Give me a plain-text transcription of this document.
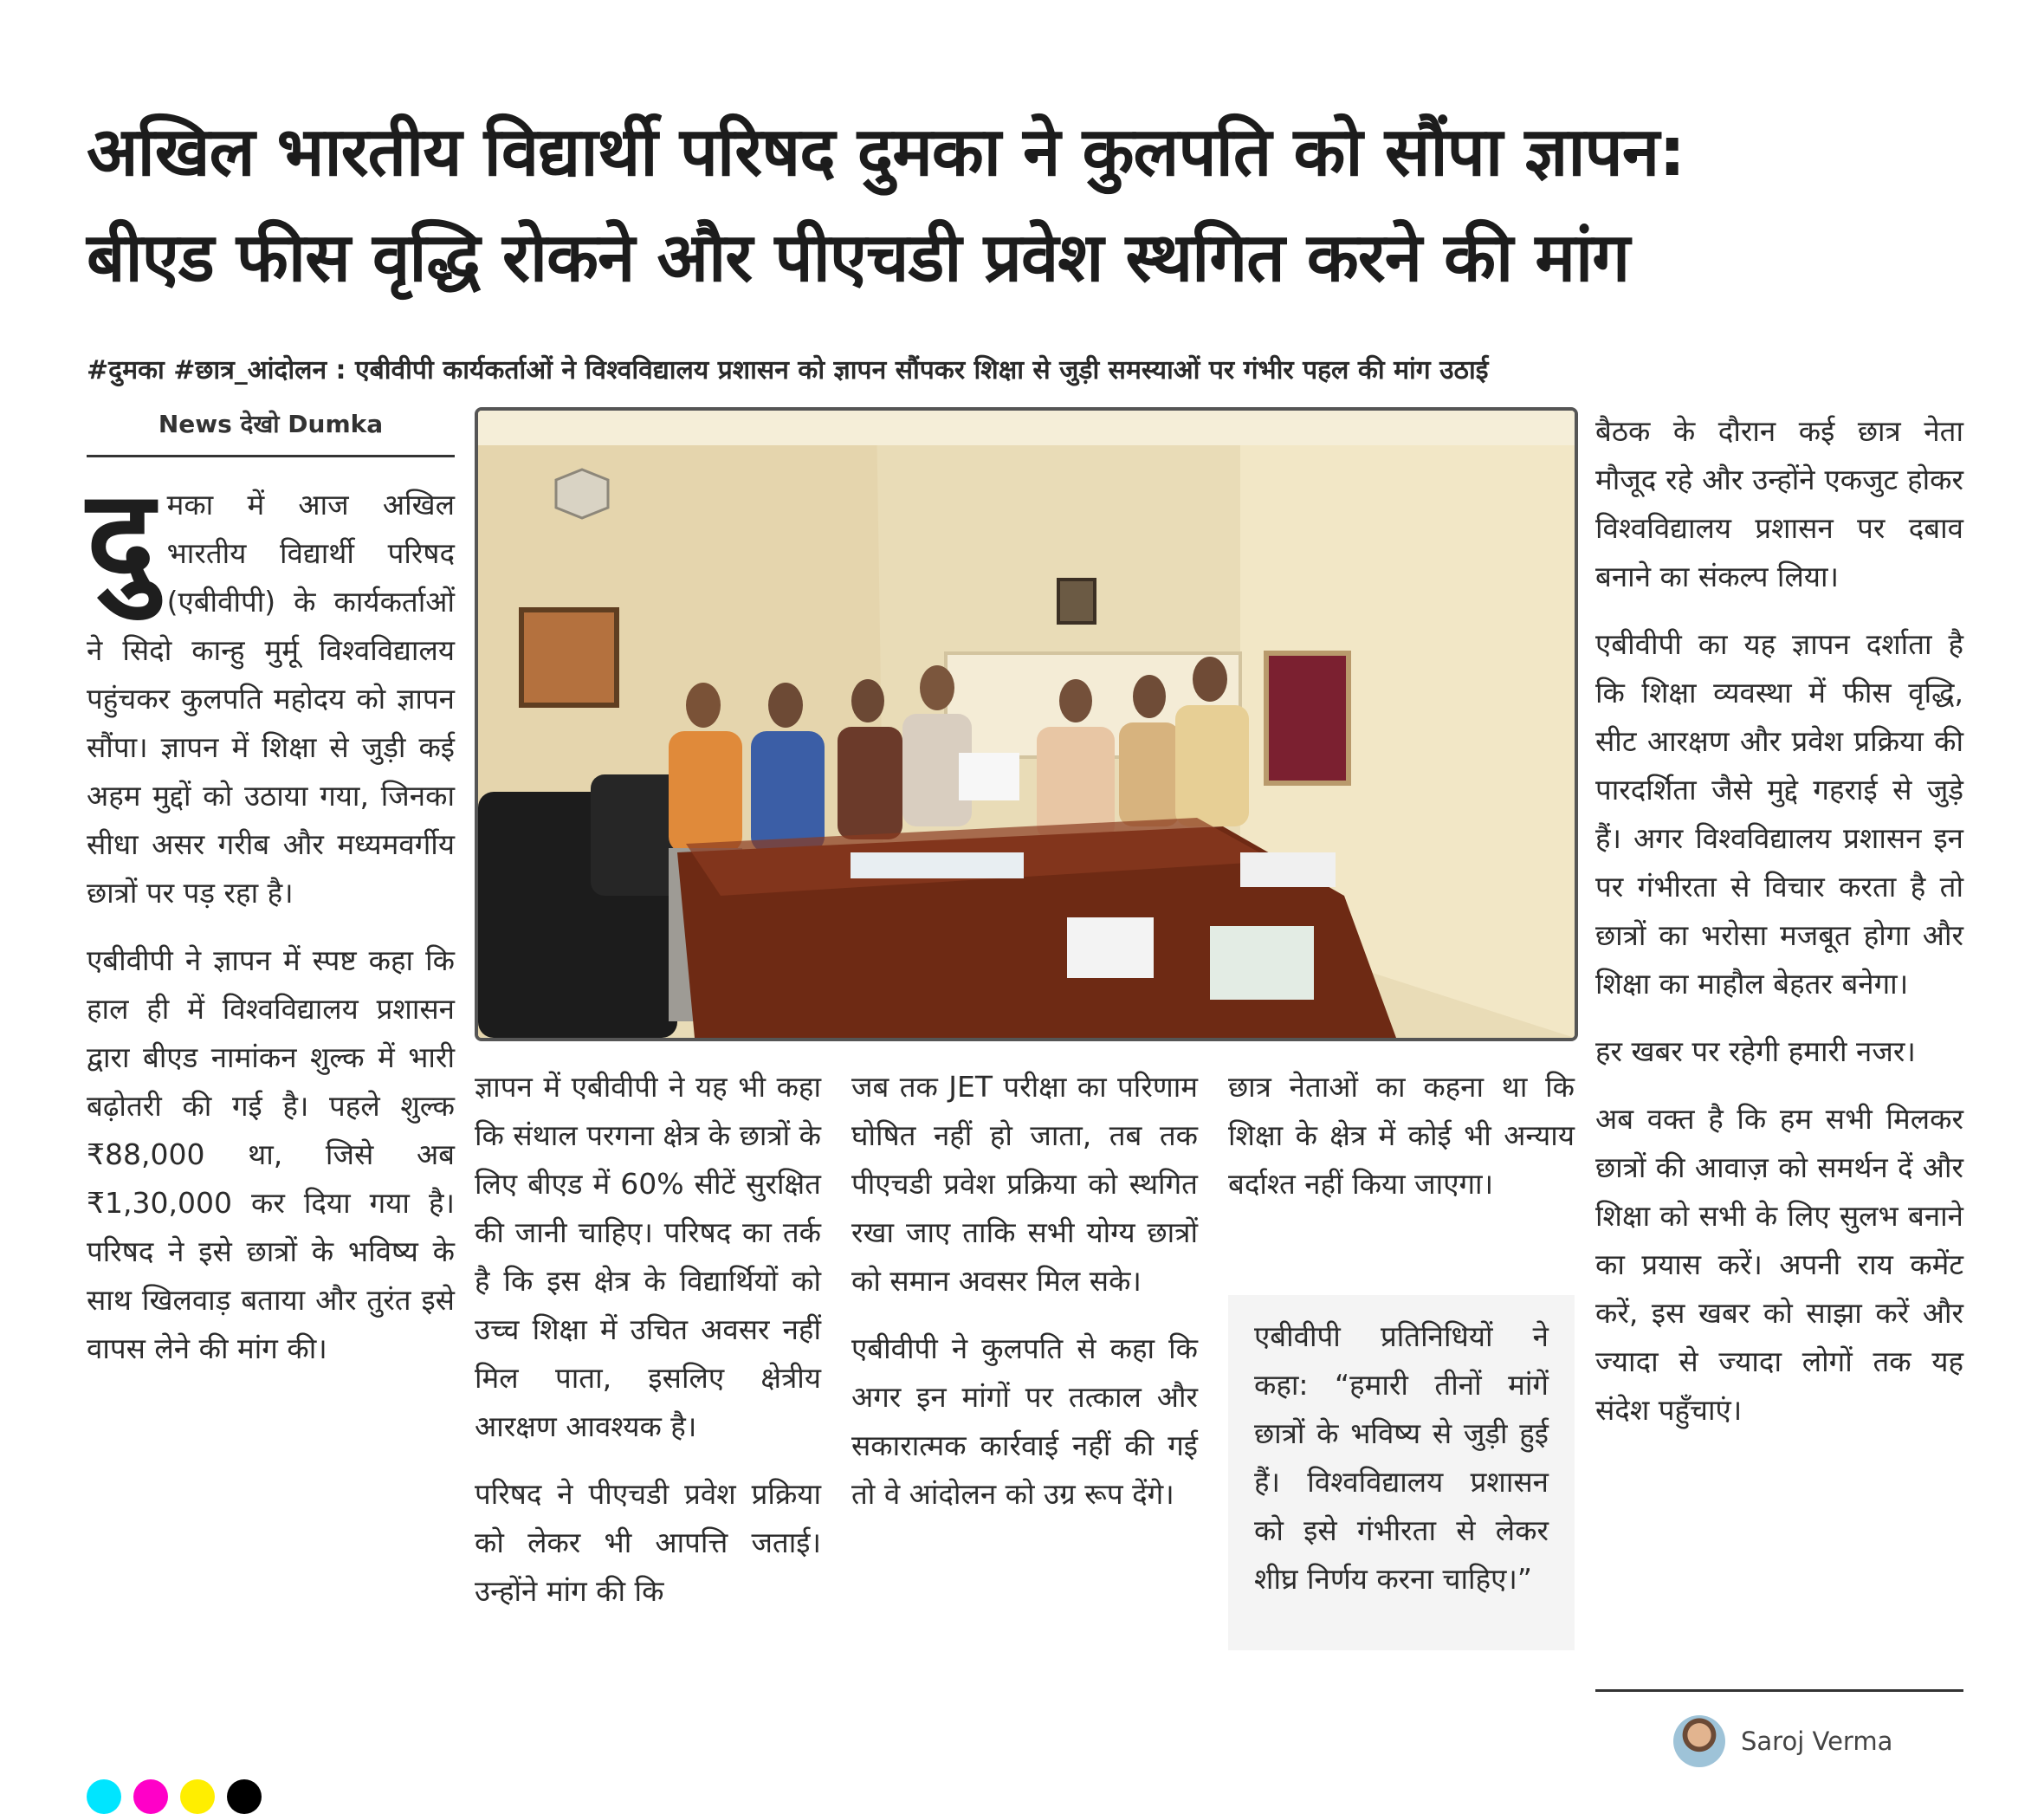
अखिल भारतीय विद्यार्थी परिषद दुमका ने कुलपति को सौंपा ज्ञापन:
बीएड फीस वृद्धि रोकने और पीएचडी प्रवेश स्थगित करने की मांग

#दुमका #छात्र_आंदोलन : एबीवीपी कार्यकर्ताओं ने विश्वविद्यालय प्रशासन को ज्ञापन सौंपकर शिक्षा से जुड़ी समस्याओं पर गंभीर पहल की मांग उठाई

News देखो Dumka

दुमका में आज अखिल भारतीय विद्यार्थी परिषद (एबीवीपी) के कार्यकर्ताओं ने सिदो कान्हु मुर्मू विश्वविद्यालय पहुंचकर कुलपति महोदय को ज्ञापन सौंपा। ज्ञापन में शिक्षा से जुड़ी कई अहम मुद्दों को उठाया गया, जिनका सीधा असर गरीब और मध्यमवर्गीय छात्रों पर पड़ रहा है।

एबीवीपी ने ज्ञापन में स्पष्ट कहा कि हाल ही में विश्वविद्यालय प्रशासन द्वारा बीएड नामांकन शुल्क में भारी बढ़ोतरी की गई है। पहले शुल्क ₹88,000 था, जिसे अब ₹1,30,000 कर दिया गया है। परिषद ने इसे छात्रों के भविष्य के साथ खिलवाड़ बताया और तुरंत इसे वापस लेने की मांग की।

ज्ञापन में एबीवीपी ने यह भी कहा कि संथाल परगना क्षेत्र के छात्रों के लिए बीएड में 60% सीटें सुरक्षित की जानी चाहिए। परिषद का तर्क है कि इस क्षेत्र के विद्यार्थियों को उच्च शिक्षा में उचित अवसर नहीं मिल पाता, इसलिए क्षेत्रीय आरक्षण आवश्यक है।

परिषद ने पीएचडी प्रवेश प्रक्रिया को लेकर भी आपत्ति जताई। उन्होंने मांग की कि

जब तक JET परीक्षा का परिणाम घोषित नहीं हो जाता, तब तक पीएचडी प्रवेश प्रक्रिया को स्थगित रखा जाए ताकि सभी योग्य छात्रों को समान अवसर मिल सके।

एबीवीपी ने कुलपति से कहा कि अगर इन मांगों पर तत्काल और सकारात्मक कार्रवाई नहीं की गई तो वे आंदोलन को उग्र रूप देंगे।

छात्र नेताओं का कहना था कि शिक्षा के क्षेत्र में कोई भी अन्याय बर्दाश्त नहीं किया जाएगा।

एबीवीपी प्रतिनिधियों ने कहा: “हमारी तीनों मांगें छात्रों के भविष्य से जुड़ी हुई हैं। विश्वविद्यालय प्रशासन को इसे गंभीरता से लेकर शीघ्र निर्णय करना चाहिए।”

बैठक के दौरान कई छात्र नेता मौजूद रहे और उन्होंने एकजुट होकर विश्वविद्यालय प्रशासन पर दबाव बनाने का संकल्प लिया।

एबीवीपी का यह ज्ञापन दर्शाता है कि शिक्षा व्यवस्था में फीस वृद्धि, सीट आरक्षण और प्रवेश प्रक्रिया की पारदर्शिता जैसे मुद्दे गहराई से जुड़े हैं। अगर विश्वविद्यालय प्रशासन इन पर गंभीरता से विचार करता है तो छात्रों का भरोसा मजबूत होगा और शिक्षा का माहौल बेहतर बनेगा।

हर खबर पर रहेगी हमारी नजर।

अब वक्त है कि हम सभी मिलकर छात्रों की आवाज़ को समर्थन दें और शिक्षा को सभी के लिए सुलभ बनाने का प्रयास करें। अपनी राय कमेंट करें, इस खबर को साझा करें और ज्यादा से ज्यादा लोगों तक यह संदेश पहुँचाएं।

Saroj Verma
